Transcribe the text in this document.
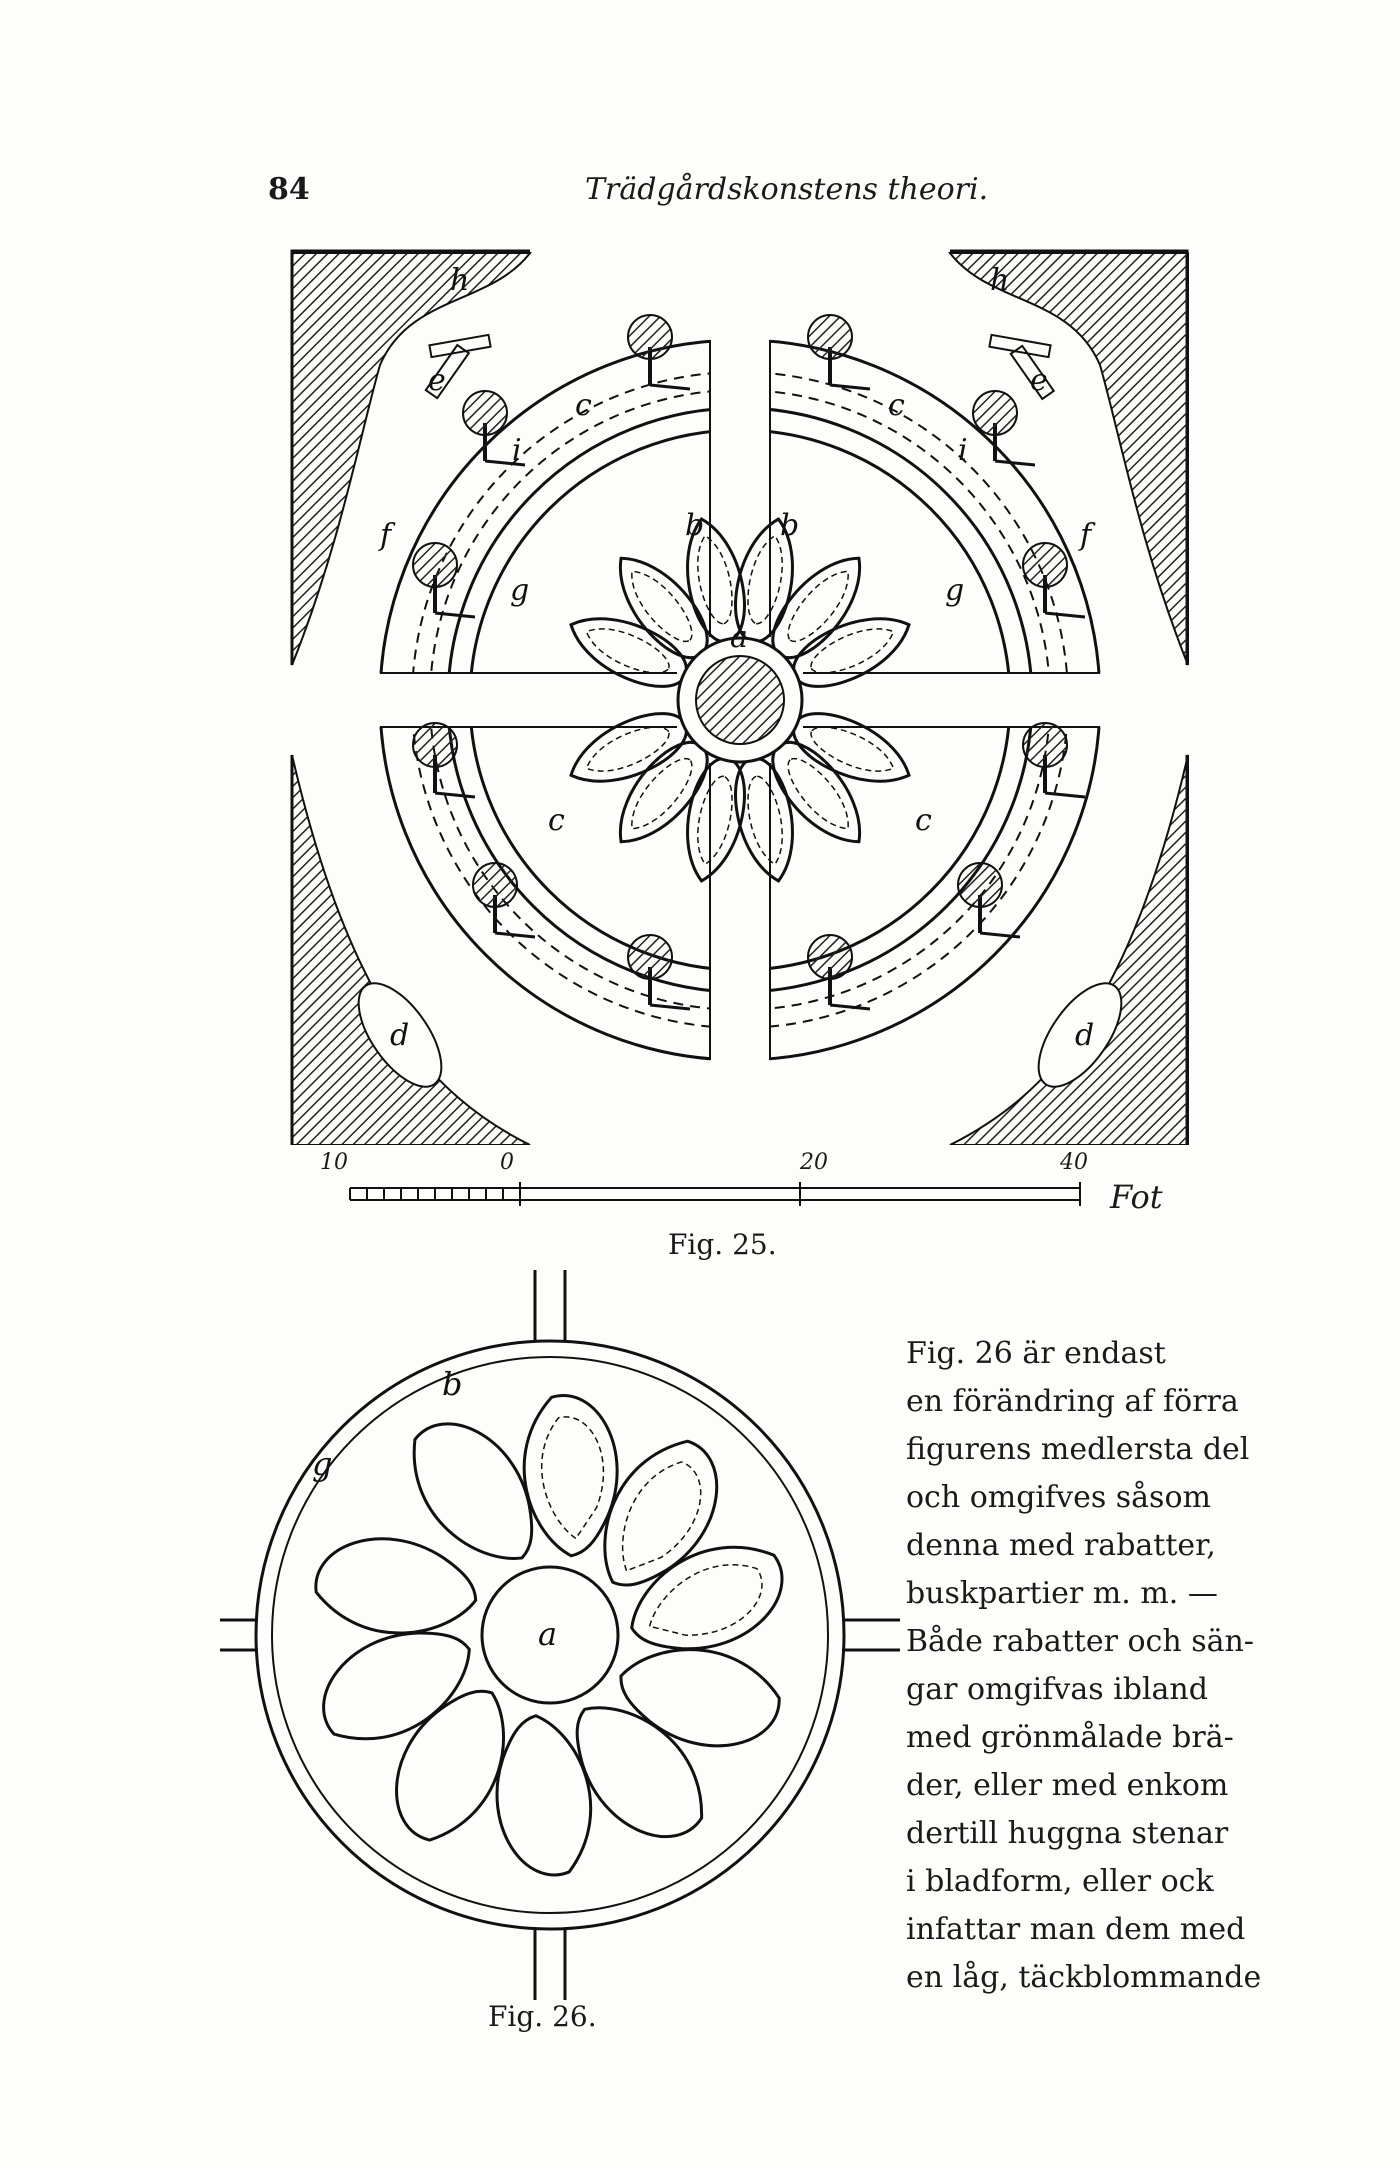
84	Trädgårdskonstens theori.
h	h
e	e
c	c
c	c
i	i
f	f
b	b
g	g
a
d	d
10	0	20	40
Fot
Fig. 25.
b
g
a
Fig. 26.
Fig. 26 är endast
en förändring af förra
figurens medlersta del
och omgifves såsom
denna med rabatter,
buskpartier m. m. —
Både rabatter och sän-
gar omgifvas ibland
med grönmålade brä-
der, eller med enkom
dertill huggna stenar
i bladform, eller ock
infattar man dem med
en låg, täckblommande
